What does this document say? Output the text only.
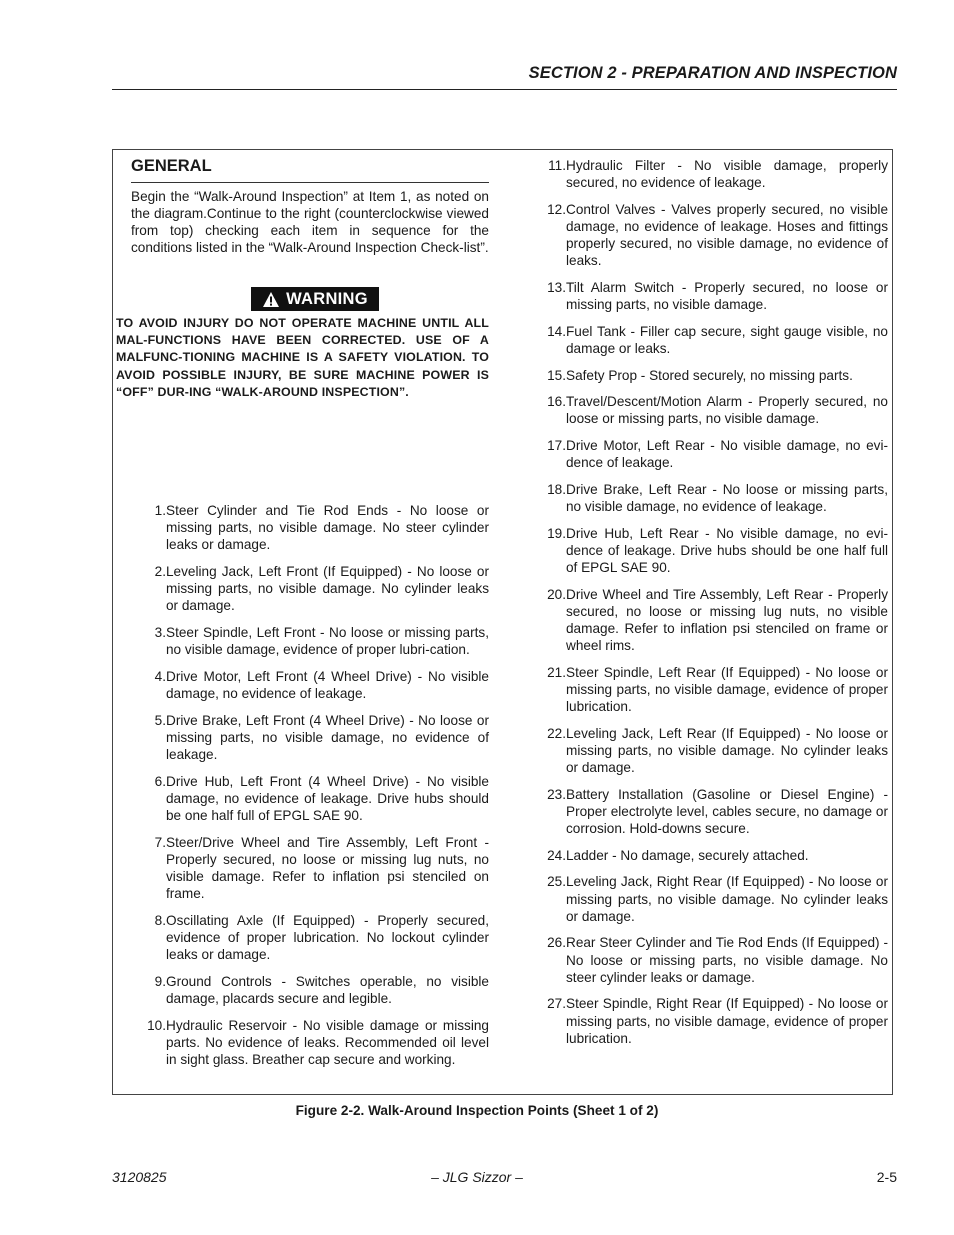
SECTION 2 - PREPARATION AND INSPECTION
GENERAL
Begin the “Walk-Around Inspection” at Item 1, as noted on the diagram.Continue to the right (counterclockwise viewed from top) checking each item in sequence for the conditions listed in the “Walk-Around Inspection Check-list”.
WARNING
TO AVOID INJURY DO NOT OPERATE MACHINE UNTIL ALL MAL-FUNCTIONS HAVE BEEN CORRECTED. USE OF A MALFUNC-TIONING MACHINE IS A SAFETY VIOLATION. TO AVOID POSSIBLE INJURY, BE SURE MACHINE POWER IS “OFF” DUR-ING “WALK-AROUND INSPECTION”.
1. Steer Cylinder and Tie Rod Ends - No loose or missing parts, no visible damage. No steer cylinder leaks or damage.
2. Leveling Jack, Left Front (If Equipped) - No loose or missing parts, no visible damage. No cylinder leaks or damage.
3. Steer Spindle, Left Front - No loose or missing parts, no visible damage, evidence of proper lubri-cation.
4. Drive Motor, Left Front (4 Wheel Drive) - No visible damage, no evidence of leakage.
5. Drive Brake, Left Front (4 Wheel Drive) - No loose or missing parts, no visible damage, no evidence of leakage.
6. Drive Hub, Left Front (4 Wheel Drive) - No visible damage, no evidence of leakage. Drive hubs should be one half full of EPGL SAE 90.
7. Steer/Drive Wheel and Tire Assembly, Left Front - Properly secured, no loose or missing lug nuts, no visible damage. Refer to inflation psi stenciled on frame.
8. Oscillating Axle (If Equipped) - Properly secured, evidence of proper lubrication. No lockout cylinder leaks or damage.
9. Ground Controls - Switches operable, no visible damage, placards secure and legible.
10. Hydraulic Reservoir - No visible damage or missing parts. No evidence of leaks. Recommended oil level in sight glass. Breather cap secure and working.
11. Hydraulic Filter - No visible damage, properly secured, no evidence of leakage.
12. Control Valves - Valves properly secured, no visible damage, no evidence of leakage. Hoses and fittings properly secured, no visible damage, no evidence of leaks.
13. Tilt Alarm Switch - Properly secured, no loose or missing parts, no visible damage.
14. Fuel Tank - Filler cap secure, sight gauge visible, no damage or leaks.
15. Safety Prop - Stored securely, no missing parts.
16. Travel/Descent/Motion Alarm - Properly secured, no loose or missing parts, no visible damage.
17. Drive Motor, Left Rear - No visible damage, no evi-dence of leakage.
18. Drive Brake, Left Rear - No loose or missing parts, no visible damage, no evidence of leakage.
19. Drive Hub, Left Rear - No visible damage, no evi-dence of leakage. Drive hubs should be one half full of EPGL SAE 90.
20. Drive Wheel and Tire Assembly, Left Rear - Properly secured, no loose or missing lug nuts, no visible damage. Refer to inflation psi stenciled on frame or wheel rims.
21. Steer Spindle, Left Rear (If Equipped) - No loose or missing parts, no visible damage, evidence of proper lubrication.
22. Leveling Jack, Left Rear (If Equipped) - No loose or missing parts, no visible damage. No cylinder leaks or damage.
23. Battery Installation (Gasoline or Diesel Engine) - Proper electrolyte level, cables secure, no damage or corrosion. Hold-downs secure.
24. Ladder - No damage, securely attached.
25. Leveling Jack, Right Rear (If Equipped) - No loose or missing parts, no visible damage. No cylinder leaks or damage.
26. Rear Steer Cylinder and Tie Rod Ends (If Equipped) - No loose or missing parts, no visible damage. No steer cylinder leaks or damage.
27. Steer Spindle, Right Rear (If Equipped) - No loose or missing parts, no visible damage, evidence of proper lubrication.
Figure 2-2. Walk-Around Inspection Points (Sheet 1 of 2)
3120825	– JLG Sizzor –	2-5
